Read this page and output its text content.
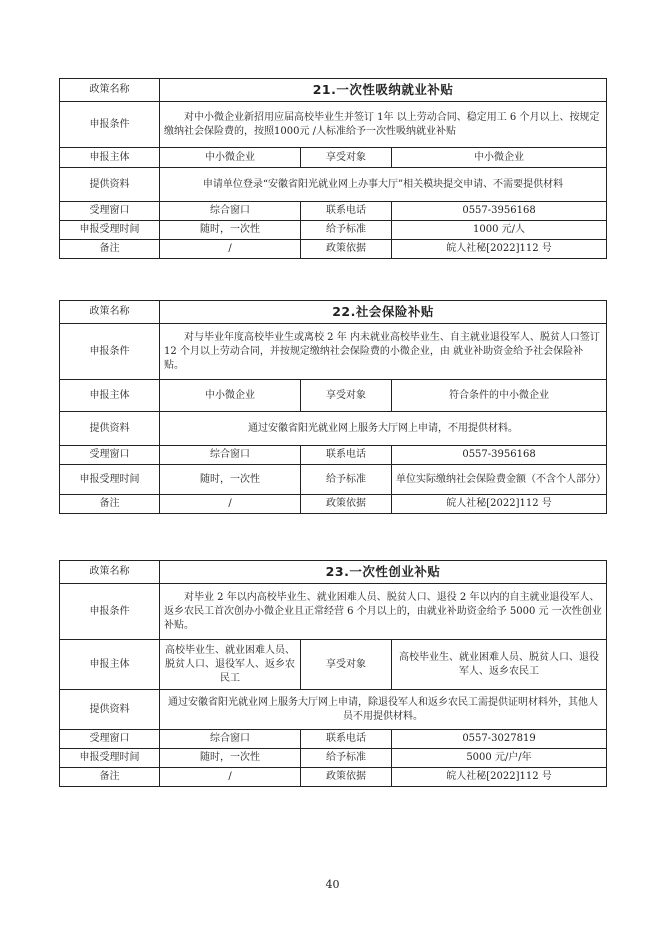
政策名称	21.一次性吸纳就业补贴		
申报条件	对中小微企业新招用应届高校毕业生并签订 1年 以上劳动合同、稳定用工 6 个月以上、按规定缴纳社会保险费的，按照1000元 /人标准给予一次性吸纳就业补贴		
申报主体	中小微企业	享受对象	中小微企业
提供资料	申请单位登录“安徽省阳光就业网上办事大厅”相关模块提交申请、不需要提供材料		
受理窗口	综合窗口	联系电话	0557-3956168
申报受理时间	随时，一次性	给予标准	1000 元/人
备注	/	政策依据	皖人社秘[2022]112 号
政策名称	22.社会保险补贴		
申报条件	对与毕业年度高校毕业生或离校 2 年 内未就业高校毕业生、自主就业退役军人、脱贫人口签订 12 个月以上劳动合同，并按规定缴纳社会保险费的小微企业，由 就业补助资金给予社会保险补贴。		
申报主体	中小微企业	享受对象	符合条件的中小微企业
提供资料	通过安徽省阳光就业网上服务大厅网上申请，不用提供材料。		
受理窗口	综合窗口	联系电话	0557-3956168
申报受理时间	随时，一次性	给予标准	单位实际缴纳社会保险费金额（不含个人部分）
备注	/	政策依据	皖人社秘[2022]112 号
政策名称	23.一次性创业补贴		
申报条件	对毕业 2 年以内高校毕业生、就业困难人员、脱贫人口、退役 2 年以内的自主就业退役军人、返乡农民工首次创办小微企业且正常经营 6 个月以上的，由就业补助资金给予 5000 元 一次性创业补贴。		
申报主体	高校毕业生、就业困难人员、脱贫人口、退役军人、返乡农民工	享受对象	高校毕业生、就业困难人员、脱贫人口、退役军人、返乡农民工
提供资料	通过安徽省阳光就业网上服务大厅网上申请，除退役军人和返乡农民工需提供证明材料外，其他人员不用提供材料。		
受理窗口	综合窗口	联系电话	0557-3027819
申报受理时间	随时，一次性	给予标准	5000 元/户/年
备注	/	政策依据	皖人社秘[2022]112 号
40
